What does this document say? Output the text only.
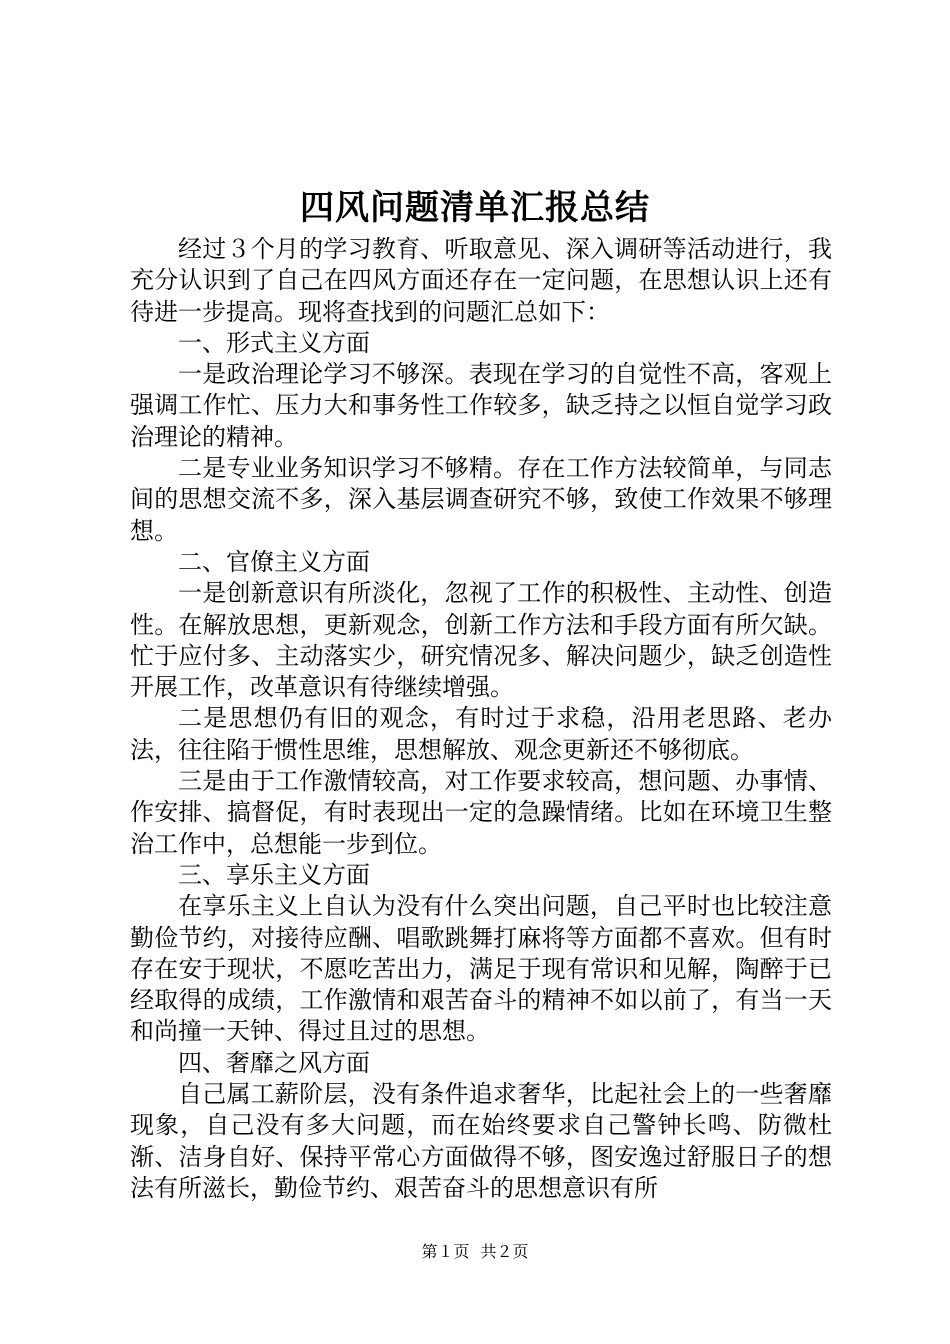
四风问题清单汇报总结

经过３个月的学习教育、听取意见、深入调研等活动进行，我充分认识到了自己在四风方面还存在一定问题，在思想认识上还有待进一步提高。现将查找到的问题汇总如下：

一、形式主义方面

一是政治理论学习不够深。表现在学习的自觉性不高，客观上强调工作忙、压力大和事务性工作较多，缺乏持之以恒自觉学习政治理论的精神。

二是专业业务知识学习不够精。存在工作方法较简单，与同志间的思想交流不多，深入基层调查研究不够，致使工作效果不够理想。

二、官僚主义方面

一是创新意识有所淡化，忽视了工作的积极性、主动性、创造性。在解放思想，更新观念，创新工作方法和手段方面有所欠缺。忙于应付多、主动落实少，研究情况多、解决问题少，缺乏创造性开展工作，改革意识有待继续增强。

二是思想仍有旧的观念，有时过于求稳，沿用老思路、老办法，往往陷于惯性思维，思想解放、观念更新还不够彻底。

三是由于工作激情较高，对工作要求较高，想问题、办事情、作安排、搞督促，有时表现出一定的急躁情绪。比如在环境卫生整治工作中，总想能一步到位。

三、享乐主义方面

在享乐主义上自认为没有什么突出问题，自己平时也比较注意勤俭节约，对接待应酬、唱歌跳舞打麻将等方面都不喜欢。但有时存在安于现状，不愿吃苦出力，满足于现有常识和见解，陶醉于已经取得的成绩，工作激情和艰苦奋斗的精神不如以前了，有当一天和尚撞一天钟、得过且过的思想。

四、奢靡之风方面

自己属工薪阶层，没有条件追求奢华，比起社会上的一些奢靡现象，自己没有多大问题，而在始终要求自己警钟长鸣、防微杜渐、洁身自好、保持平常心方面做得不够，图安逸过舒服日子的想法有所滋长，勤俭节约、艰苦奋斗的思想意识有所

第１页 共２页
